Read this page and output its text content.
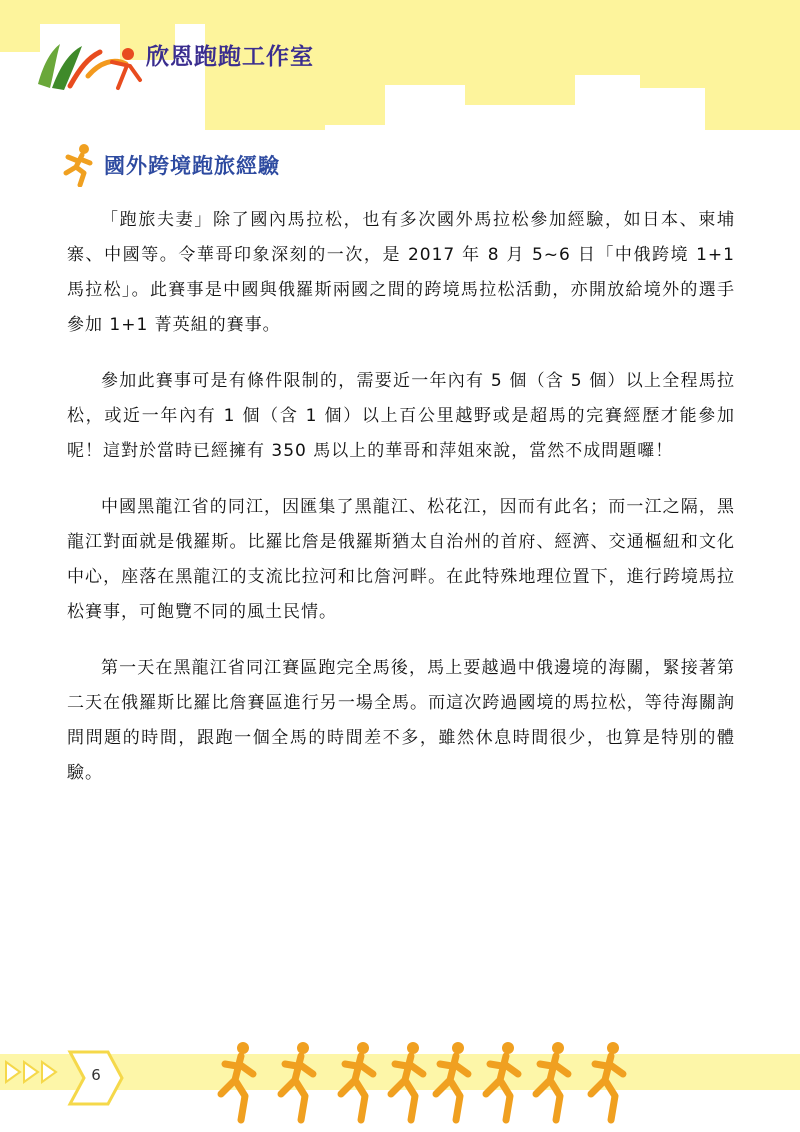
欣恩跑跑工作室
國外跨境跑旅經驗

「跑旅夫妻」除了國內馬拉松，也有多次國外馬拉松參加經驗，如日本、柬埔寨、中國等。令華哥印象深刻的一次，是 2017 年 8 月 5~6 日「中俄跨境 1+1 馬拉松」。此賽事是中國與俄羅斯兩國之間的跨境馬拉松活動，亦開放給境外的選手參加 1+1 菁英組的賽事。

參加此賽事可是有條件限制的，需要近一年內有 5 個（含 5 個）以上全程馬拉松，或近一年內有 1 個（含 1 個）以上百公里越野或是超馬的完賽經歷才能參加呢！這對於當時已經擁有 350 馬以上的華哥和萍姐來說，當然不成問題囉！

中國黑龍江省的同江，因匯集了黑龍江、松花江，因而有此名；而一江之隔，黑龍江對面就是俄羅斯。比羅比詹是俄羅斯猶太自治州的首府、經濟、交通樞紐和文化中心，座落在黑龍江的支流比拉河和比詹河畔。在此特殊地理位置下，進行跨境馬拉松賽事，可飽覽不同的風土民情。

第一天在黑龍江省同江賽區跑完全馬後，馬上要越過中俄邊境的海關，緊接著第二天在俄羅斯比羅比詹賽區進行另一場全馬。而這次跨過國境的馬拉松，等待海關詢問問題的時間，跟跑一個全馬的時間差不多，雖然休息時間很少，也算是特別的體驗。

6
